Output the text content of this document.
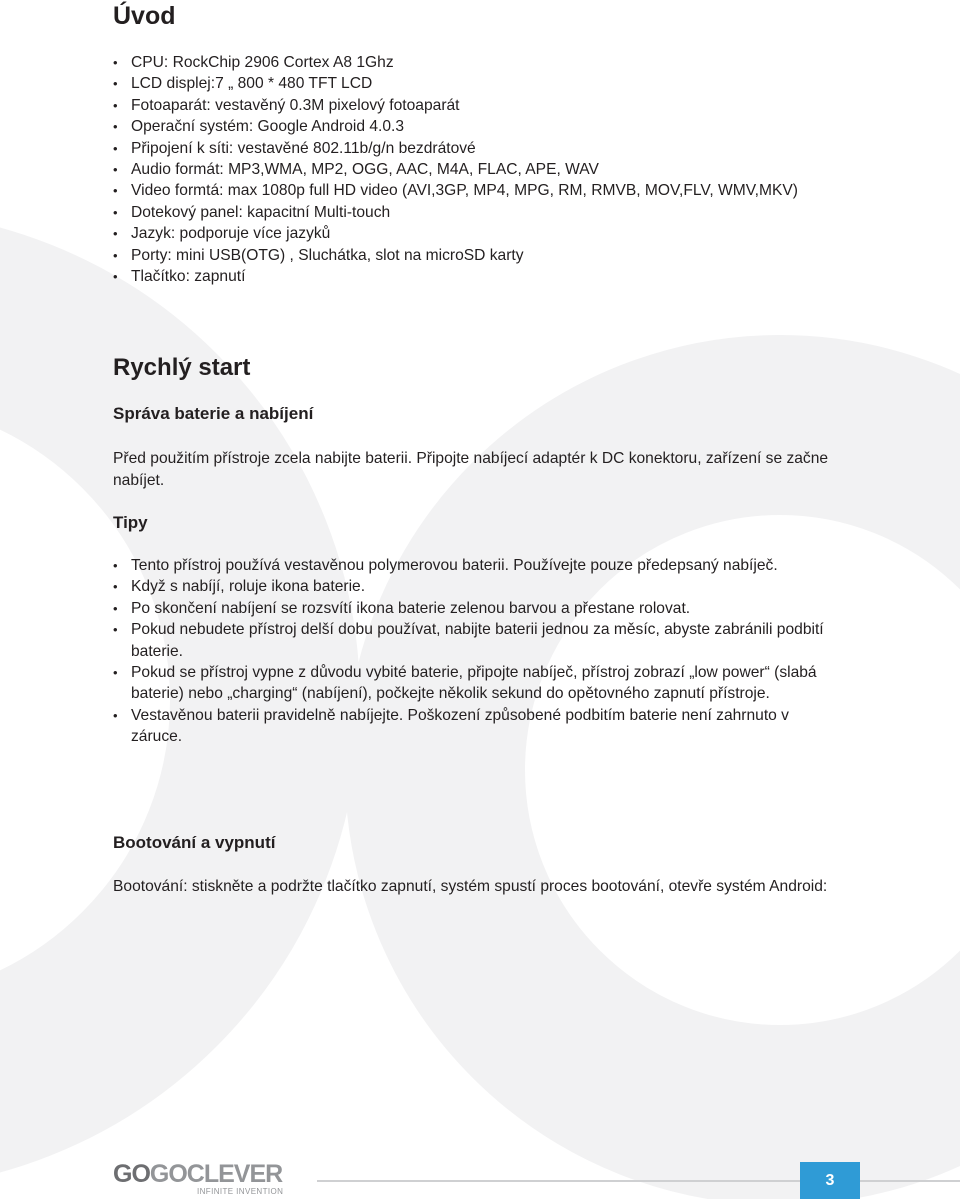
Úvod
• CPU: RockChip 2906 Cortex A8 1Ghz
• LCD displej:7 „ 800 * 480 TFT LCD
• Fotoaparát: vestavěný 0.3M pixelový fotoaparát
• Operační systém: Google Android 4.0.3
• Připojení k síti: vestavěné 802.11b/g/n bezdrátové
• Audio formát: MP3,WMA, MP2, OGG, AAC, M4A, FLAC, APE, WAV
• Video formtá: max 1080p full HD video (AVI,3GP, MP4, MPG, RM, RMVB, MOV,FLV, WMV,MKV)
• Dotekový panel: kapacitní Multi-touch
• Jazyk: podporuje více jazyků
• Porty: mini USB(OTG) , Sluchátka, slot na microSD karty
• Tlačítko: zapnutí
Rychlý start
Správa baterie a nabíjení

Před použitím přístroje zcela nabijte baterii. Připojte nabíjecí adaptér k DC konektoru, zařízení se začne nabíjet.

Tipy
• Tento přístroj používá vestavěnou polymerovou baterii. Používejte pouze předepsaný nabíječ.
• Když s nabíjí, roluje ikona baterie.
• Po skončení nabíjení se rozsvítí ikona baterie zelenou barvou a přestane rolovat.
• Pokud nebudete přístroj delší dobu používat, nabijte baterii jednou za měsíc, abyste zabránili podbití baterie.
• Pokud se přístroj vypne z důvodu vybité baterie, připojte nabíječ, přístroj zobrazí „low power“ (slabá baterie) nebo „charging“ (nabíjení), počkejte několik sekund do opětovného zapnutí přístroje.
• Vestavěnou baterii pravidelně nabíjejte. Poškození způsobené podbitím baterie není zahrnuto v záruce.
Bootování a vypnutí

Bootování: stiskněte a podržte tlačítko zapnutí, systém spustí proces bootování, otevře systém Android:

GOGOCLEVER
INFINITE INVENTION
3
